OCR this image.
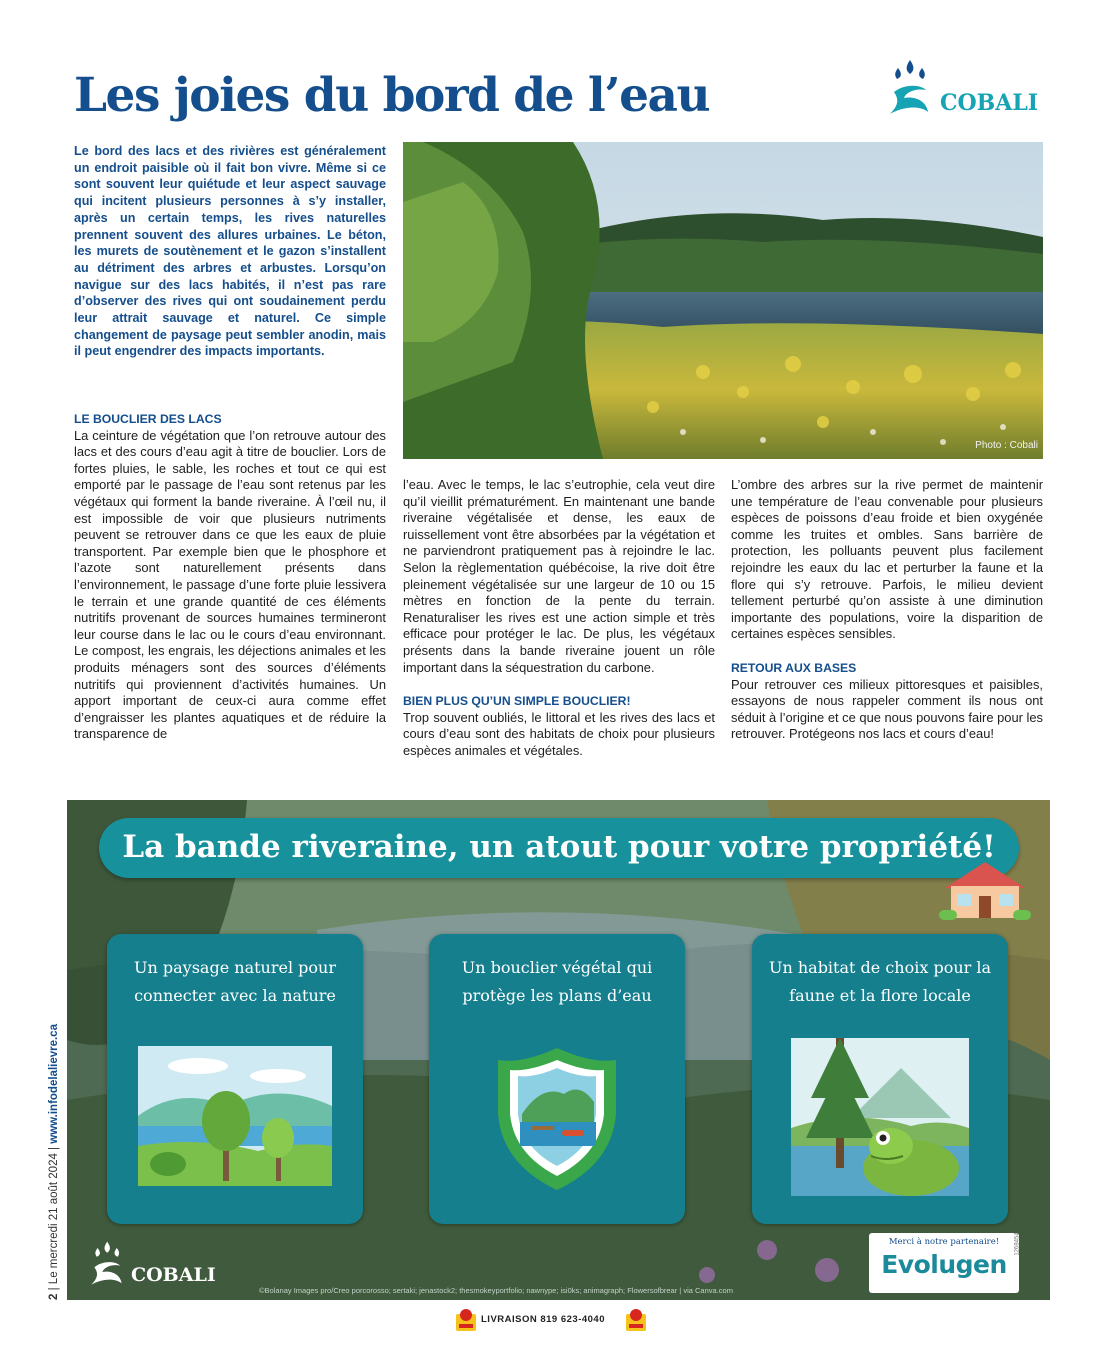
Les joies du bord de l’eau	COBALI

Le bord des lacs et des rivières est généralement un endroit paisible où il fait bon vivre. Même si ce sont souvent leur quiétude et leur aspect sauvage qui incitent plusieurs personnes à s’y installer, après un certain temps, les rives naturelles prennent souvent des allures urbaines. Le béton, les murets de soutènement et le gazon s’installent au détriment des arbres et arbustes. Lorsqu’on navigue sur des lacs habités, il n’est pas rare d’observer des rives qui ont soudainement perdu leur attrait sauvage et naturel. Ce simple changement de paysage peut sembler anodin, mais il peut engendrer des impacts importants.

Photo : Cobali
LE BOUCLIER DES LACS

La ceinture de végétation que l’on retrouve autour des lacs et des cours d’eau agit à titre de bouclier. Lors de fortes pluies, le sable, les roches et tout ce qui est emporté par le passage de l’eau sont retenus par les végétaux qui forment la bande riveraine. À l’œil nu, il est impossible de voir que plusieurs nutriments peuvent se retrouver dans ce que les eaux de pluie transportent. Par exemple bien que le phosphore et l’azote sont naturellement présents dans l’environnement, le passage d’une forte pluie lessivera le terrain et une grande quantité de ces éléments nutritifs provenant de sources humaines termineront leur course dans le lac ou le cours d’eau environnant. Le compost, les engrais, les déjections animales et les produits ménagers sont des sources d’éléments nutritifs qui proviennent d’activités humaines. Un apport important de ceux-ci aura comme effet d’engraisser les plantes aquatiques et de réduire la transparence de

l’eau. Avec le temps, le lac s’eutrophie, cela veut dire qu’il vieillit prématurément. En maintenant une bande riveraine végétalisée et dense, les eaux de ruissellement vont être absorbées par la végétation et ne parviendront pratiquement pas à rejoindre le lac. Selon la règlementation québécoise, la rive doit être pleinement végétalisée sur une largeur de 10 ou 15 mètres en fonction de la pente du terrain. Renaturaliser les rives est une action simple et très efficace pour protéger le lac. De plus, les végétaux présents dans la bande riveraine jouent un rôle important dans la séquestration du carbone.

BIEN PLUS QU’UN SIMPLE BOUCLIER!

Trop souvent oubliés, le littoral et les rives des lacs et cours d’eau sont des habitats de choix pour plusieurs espèces animales et végétales.

L’ombre des arbres sur la rive permet de maintenir une température de l’eau convenable pour plusieurs espèces de poissons d’eau froide et bien oxygénée comme les truites et ombles. Sans barrière de protection, les polluants peuvent plus facilement rejoindre les eaux du lac et perturber la faune et la flore qui s’y retrouve. Parfois, le milieu devient tellement perturbé qu’on assiste à une diminution importante des populations, voire la disparition de certaines espèces sensibles.

RETOUR AUX BASES

Pour retrouver ces milieux pittoresques et paisibles, essayons de nous rappeler comment ils nous ont séduit à l’origine et ce que nous pouvons faire pour les retrouver. Protégeons nos lacs et cours d’eau!

2 | Le mercredi 21 août 2024 | www.infodelalievre.ca
La bande riveraine, un atout pour votre propriété!
Un paysage naturel pour connecter avec la nature
Un bouclier végétal qui protège les plans d’eau
Un habitat de choix pour la faune et la flore locale
COBALI
Merci à notre partenaire!
Evolugen
1268454
©Bolanay Images pro/Creo porcorosso; sertaki; jenastock2; thesmokeyportfolio; nawnype; isi0ks; animagraph; Flowersofbrear | via Canva.com
LIVRAISON 819 623-4040
